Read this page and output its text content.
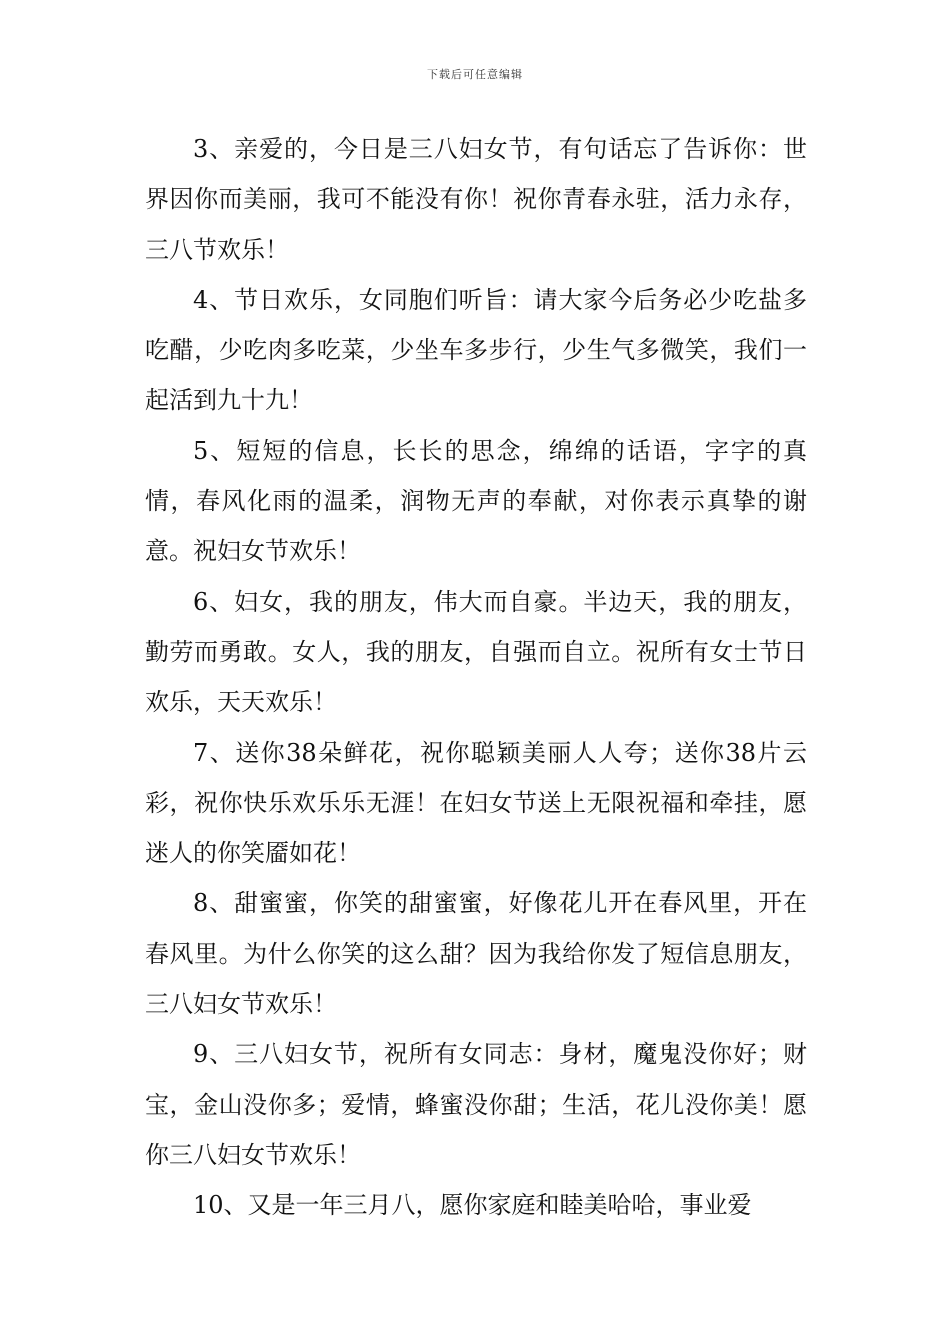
下载后可任意编辑

3、亲爱的，今日是三八妇女节，有句话忘了告诉你：世界因你而美丽，我可不能没有你！祝你青春永驻，活力永存，三八节欢乐！

4、节日欢乐，女同胞们听旨：请大家今后务必少吃盐多吃醋，少吃肉多吃菜，少坐车多步行，少生气多微笑，我们一起活到九十九！

5、短短的信息，长长的思念，绵绵的话语，字字的真情，春风化雨的温柔，润物无声的奉献，对你表示真挚的谢意。祝妇女节欢乐！

6、妇女，我的朋友，伟大而自豪。半边天，我的朋友，勤劳而勇敢。女人，我的朋友，自强而自立。祝所有女士节日欢乐，天天欢乐！

7、送你38朵鲜花，祝你聪颖美丽人人夸；送你38片云彩，祝你快乐欢乐乐无涯！在妇女节送上无限祝福和牵挂，愿迷人的你笑靥如花！

8、甜蜜蜜，你笑的甜蜜蜜，好像花儿开在春风里，开在春风里。为什么你笑的这么甜？因为我给你发了短信息朋友，三八妇女节欢乐！

9、三八妇女节，祝所有女同志：身材，魔鬼没你好；财宝，金山没你多；爱情，蜂蜜没你甜；生活，花儿没你美！愿你三八妇女节欢乐！

10、又是一年三月八，愿你家庭和睦美哈哈，事业爱
